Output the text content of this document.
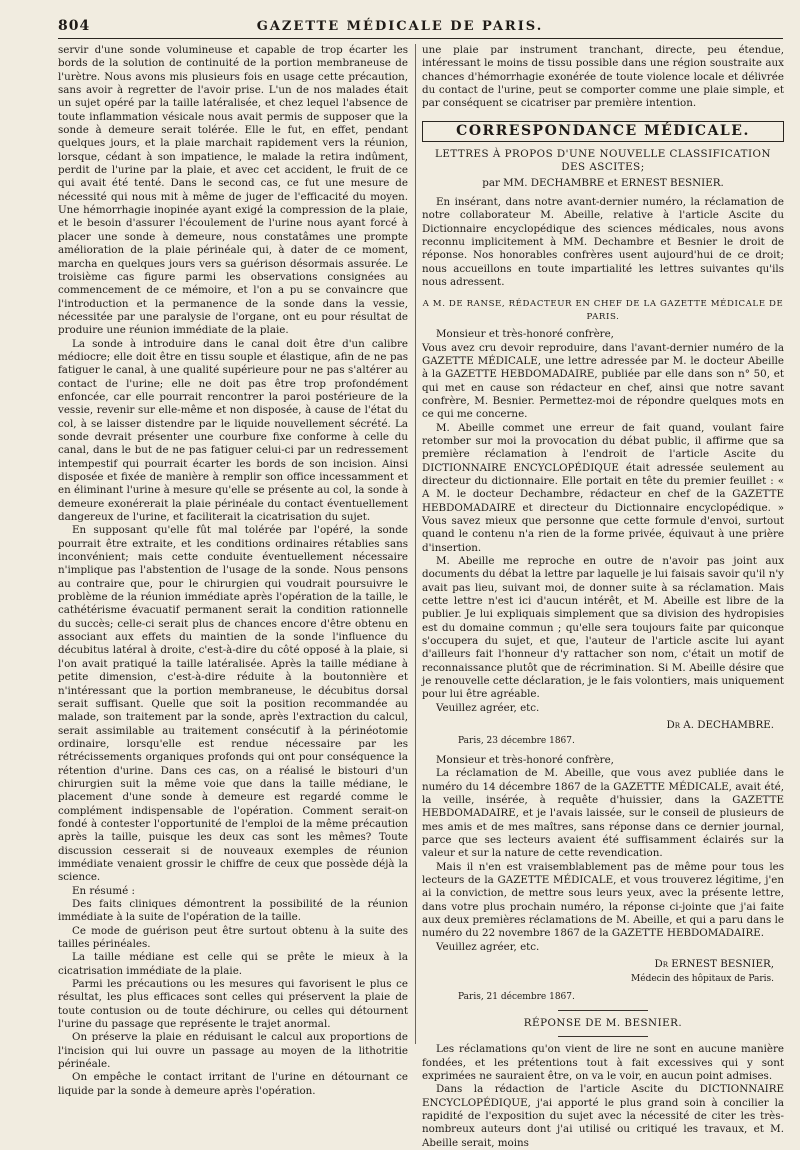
804	GAZETTE MÉDICALE DE PARIS.

servir d'une sonde volumineuse et capable de trop écarter les bords de la solution de continuité de la portion membraneuse de l'urètre. Nous avons mis plusieurs fois en usage cette précaution, sans avoir à regretter de l'avoir prise. L'un de nos malades était un sujet opéré par la taille latéralisée, et chez lequel l'absence de toute inflammation vésicale nous avait permis de supposer que la sonde à demeure serait tolérée. Elle le fut, en effet, pendant quelques jours, et la plaie marchait rapidement vers la réunion, lorsque, cédant à son impatience, le malade la retira indûment, perdit de l'urine par la plaie, et avec cet accident, le fruit de ce qui avait été tenté. Dans le second cas, ce fut une mesure de nécessité qui nous mit à même de juger de l'efficacité du moyen. Une hémorrhagie inopinée ayant exigé la compression de la plaie, et le besoin d'assurer l'écoulement de l'urine nous ayant forcé à placer une sonde à demeure, nous constatâmes une prompte amélioration de la plaie périnéale qui, à dater de ce moment, marcha en quelques jours vers sa guérison désormais assurée. Le troisième cas figure parmi les observations consignées au commencement de ce mémoire, et l'on a pu se convaincre que l'introduction et la permanence de la sonde dans la vessie, nécessitée par une paralysie de l'organe, ont eu pour résultat de produire une réunion immédiate de la plaie.

La sonde à introduire dans le canal doit être d'un calibre médiocre; elle doit être en tissu souple et élastique, afin de ne pas fatiguer le canal, à une qualité supérieure pour ne pas s'altérer au contact de l'urine; elle ne doit pas être trop profondément enfoncée, car elle pourrait rencontrer la paroi postérieure de la vessie, revenir sur elle-même et non disposée, à cause de l'état du col, à se laisser distendre par le liquide nouvellement sécrété. La sonde devrait présenter une courbure fixe conforme à celle du canal, dans le but de ne pas fatiguer celui-ci par un redressement intempestif qui pourrait écarter les bords de son incision. Ainsi disposée et fixée de manière à remplir son office incessamment et en éliminant l'urine à mesure qu'elle se présente au col, la sonde à demeure exonérerait la plaie périnéale du contact éventuellement dangereux de l'urine, et faciliterait la cicatrisation du sujet.

En supposant qu'elle fût mal tolérée par l'opéré, la sonde pourrait être extraite, et les conditions ordinaires rétablies sans inconvénient; mais cette conduite éventuellement nécessaire n'implique pas l'abstention de l'usage de la sonde. Nous pensons au contraire que, pour le chirurgien qui voudrait poursuivre le problème de la réunion immédiate après l'opération de la taille, le cathétérisme évacuatif permanent serait la condition rationnelle du succès; celle-ci serait plus de chances encore d'être obtenu en associant aux effets du maintien de la sonde l'influence du décubitus latéral à droite, c'est-à-dire du côté opposé à la plaie, si l'on avait pratiqué la taille latéralisée. Après la taille médiane à petite dimension, c'est-à-dire réduite à la boutonnière et n'intéressant que la portion membraneuse, le décubitus dorsal serait suffisant. Quelle que soit la position recommandée au malade, son traitement par la sonde, après l'extraction du calcul, serait assimilable au traitement consécutif à la périnéotomie ordinaire, lorsqu'elle est rendue nécessaire par les rétrécissements organiques profonds qui ont pour conséquence la rétention d'urine. Dans ces cas, on a réalisé le bistouri d'un chirurgien suit la même voie que dans la taille médiane, le placement d'une sonde à demeure est regardé comme le complément indispensable de l'opération. Comment serait-on fondé à contester l'opportunité de l'emploi de la même précaution après la taille, puisque les deux cas sont les mêmes? Toute discussion cesserait si de nouveaux exemples de réunion immédiate venaient grossir le chiffre de ceux que possède déjà la science.

En résumé :

Des faits cliniques démontrent la possibilité de la réunion immédiate à la suite de l'opération de la taille.

Ce mode de guérison peut être surtout obtenu à la suite des tailles périnéales.

La taille médiane est celle qui se prête le mieux à la cicatrisation immédiate de la plaie.

Parmi les précautions ou les mesures qui favorisent le plus ce résultat, les plus efficaces sont celles qui préservent la plaie de toute contusion ou de toute déchirure, ou celles qui détournent l'urine du passage que représente le trajet anormal.

On préserve la plaie en réduisant le calcul aux proportions de l'incision qui lui ouvre un passage au moyen de la lithotritie périnéale.

On empêche le contact irritant de l'urine en détournant ce liquide par la sonde à demeure après l'opération.

une plaie par instrument tranchant, directe, peu étendue, intéressant le moins de tissu possible dans une région soustraite aux chances d'hémorrhagie exonérée de toute violence locale et délivrée du contact de l'urine, peut se comporter comme une plaie simple, et par conséquent se cicatriser par première intention.

CORRESPONDANCE MÉDICALE.
LETTRES À PROPOS D'UNE NOUVELLE CLASSIFICATION DES ASCITES;
par MM. DECHAMBRE et ERNEST BESNIER.

En insérant, dans notre avant-dernier numéro, la réclamation de notre collaborateur M. Abeille, relative à l'article Ascite du Dictionnaire encyclopédique des sciences médicales, nous avons reconnu implicitement à MM. Dechambre et Besnier le droit de réponse. Nos honorables confrères usent aujourd'hui de ce droit; nous accueillons en toute impartialité les lettres suivantes qu'ils nous adressent.

A M. DE RANSE, RÉDACTEUR EN CHEF DE LA GAZETTE MÉDICALE DE PARIS.

Monsieur et très-honoré confrère,

Vous avez cru devoir reproduire, dans l'avant-dernier numéro de la GAZETTE MÉDICALE, une lettre adressée par M. le docteur Abeille à la GAZETTE HEBDOMADAIRE, publiée par elle dans son n° 50, et qui met en cause son rédacteur en chef, ainsi que notre savant confrère, M. Besnier. Permettez-moi de répondre quelques mots en ce qui me concerne.

M. Abeille commet une erreur de fait quand, voulant faire retomber sur moi la provocation du débat public, il affirme que sa première réclamation à l'endroit de l'article Ascite du DICTIONNAIRE ENCYCLOPÉDIQUE était adressée seulement au directeur du dictionnaire. Elle portait en tête du premier feuillet : « A M. le docteur Dechambre, rédacteur en chef de la GAZETTE HEBDOMADAIRE et directeur du Dictionnaire encyclopédique. » Vous savez mieux que personne que cette formule d'envoi, surtout quand le contenu n'a rien de la forme privée, équivaut à une prière d'insertion.

M. Abeille me reproche en outre de n'avoir pas joint aux documents du débat la lettre par laquelle je lui faisais savoir qu'il n'y avait pas lieu, suivant moi, de donner suite à sa réclamation. Mais cette lettre n'est ici d'aucun intérêt, et M. Abeille est libre de la publier. Je lui expliquais simplement que sa division des hydropisies est du domaine commun ; qu'elle sera toujours faite par quiconque s'occupera du sujet, et que, l'auteur de l'article ascite lui ayant d'ailleurs fait l'honneur d'y rattacher son nom, c'était un motif de reconnaissance plutôt que de récrimination. Si M. Abeille désire que je renouvelle cette déclaration, je le fais volontiers, mais uniquement pour lui être agréable.

Veuillez agréer, etc.

Dr A. DECHAMBRE.
Paris, 23 décembre 1867.

Monsieur et très-honoré confrère,

La réclamation de M. Abeille, que vous avez publiée dans le numéro du 14 décembre 1867 de la GAZETTE MÉDICALE, avait été, la veille, insérée, à requête d'huissier, dans la GAZETTE HEBDOMADAIRE, et je l'avais laissée, sur le conseil de plusieurs de mes amis et de mes maîtres, sans réponse dans ce dernier journal, parce que ses lecteurs avaient été suffisamment éclairés sur la valeur et sur la nature de cette revendication.

Mais il n'en est vraisemblablement pas de même pour tous les lecteurs de la GAZETTE MÉDICALE, et vous trouverez légitime, j'en ai la conviction, de mettre sous leurs yeux, avec la présente lettre, dans votre plus prochain numéro, la réponse ci-jointe que j'ai faite aux deux premières réclamations de M. Abeille, et qui a paru dans le numéro du 22 novembre 1867 de la GAZETTE HEBDOMADAIRE.

Veuillez agréer, etc.

Dr ERNEST BESNIER,
Médecin des hôpitaux de Paris.
Paris, 21 décembre 1867.
RÉPONSE DE M. BESNIER.

Les réclamations qu'on vient de lire ne sont en aucune manière fondées, et les prétentions tout à fait excessives qui y sont exprimées ne sauraient être, on va le voir, en aucun point admises.

Dans la rédaction de l'article Ascite du DICTIONNAIRE ENCYCLOPÉDIQUE, j'ai apporté le plus grand soin à concilier la rapidité de l'exposition du sujet avec la nécessité de citer les très-nombreux auteurs dont j'ai utilisé ou critiqué les travaux, et M. Abeille serait, moins
